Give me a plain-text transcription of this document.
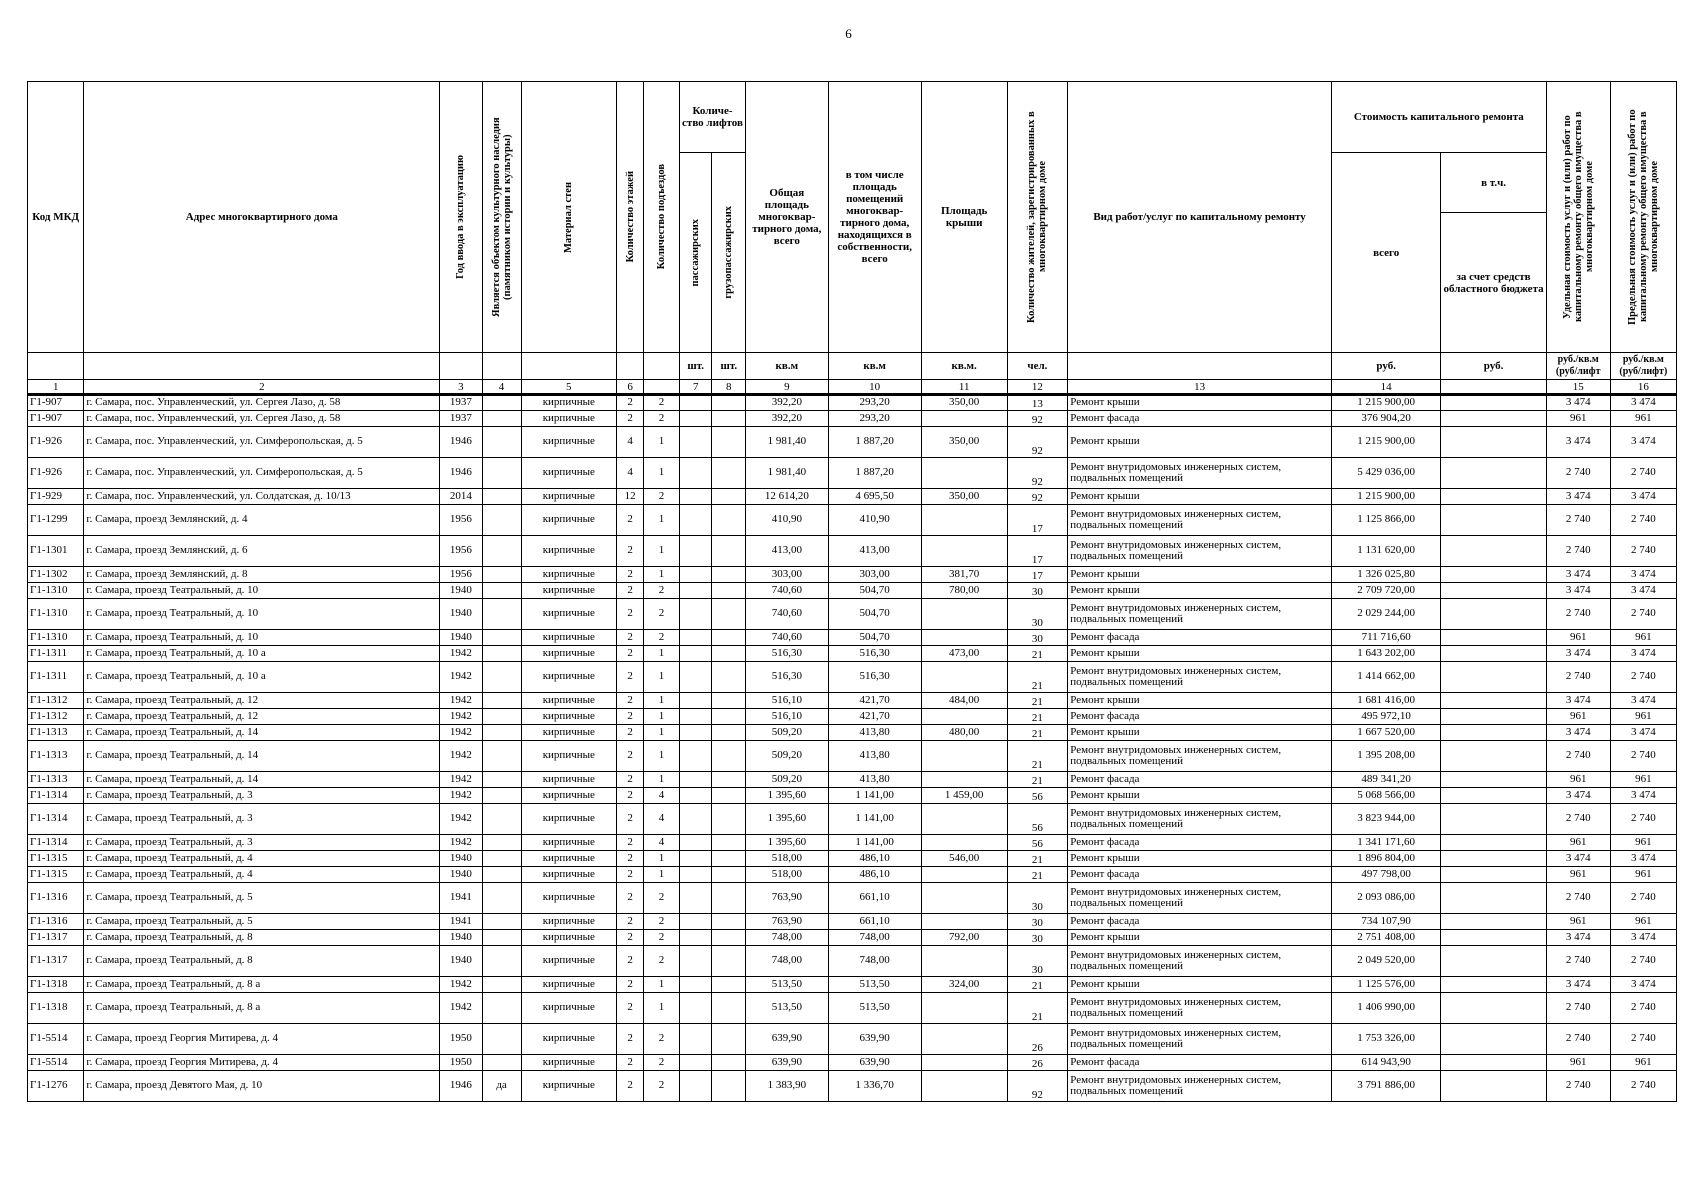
6
Код МКД	Адрес многоквартирного дома	Год ввода в эксплуатацию	Является объектом культурного наследия (памятником истории и культуры)	Материал стен	Количество этажей	Количество подъездов	Количе- ство лифтов		Общая площадь многоквар- тирного дома, всего	в том числе площадь помещений многоквар- тирного дома, находящихся в собственности, всего	Площадь крыши	Количество жителей, зарегистрированных в многоквартирном доме	Вид работ/услуг по капитальному ремонту	Стоимость капитального ремонта		Удельная стоимость услуг и (или) работ по капитальному ремонту общего имущества в многоквартирном доме	Предельная стоимость услуг и (или) работ по капитальному ремонту общего имущества в многоквартирном доме

							пассажирских	грузопассажирских						всего	в т.ч.		
															за счет средств областного бюджета		
							шт.	шт.	кв.м	кв.м	кв.м.	чел.		руб.	руб.	руб./кв.м (руб/лифт	руб./кв.м (руб/лифт)
1	2	3	4	5	6		7	8	9	10	11	12	13	14		15	16
Г1-907	г. Самара, пос. Управленческий, ул. Сергея Лазо, д. 58	1937		кирпичные	2	2			392,20	293,20	350,00	13	Ремонт крыши	1 215 900,00		3 474	3 474
Г1-907	г. Самара, пос. Управленческий, ул. Сергея Лазо, д. 58	1937		кирпичные	2	2			392,20	293,20		92	Ремонт фасада	376 904,20		961	961
Г1-926	г. Самара, пос. Управленческий, ул. Симферопольская, д. 5	1946		кирпичные	4	1			1 981,40	1 887,20	350,00	92	Ремонт крыши	1 215 900,00		3 474	3 474
Г1-926	г. Самара, пос. Управленческий, ул. Симферопольская, д. 5	1946		кирпичные	4	1			1 981,40	1 887,20		92	Ремонт внутридомовых инженерных систем, подвальных помещений	5 429 036,00		2 740	2 740
Г1-929	г. Самара, пос. Управленческий, ул. Солдатская, д. 10/13	2014		кирпичные	12	2			12 614,20	4 695,50	350,00	92	Ремонт крыши	1 215 900,00		3 474	3 474
Г1-1299	г. Самара, проезд Землянский, д. 4	1956		кирпичные	2	1			410,90	410,90		17	Ремонт внутридомовых инженерных систем, подвальных помещений	1 125 866,00		2 740	2 740
Г1-1301	г. Самара, проезд Землянский, д. 6	1956		кирпичные	2	1			413,00	413,00		17	Ремонт внутридомовых инженерных систем, подвальных помещений	1 131 620,00		2 740	2 740
Г1-1302	г. Самара, проезд Землянский, д. 8	1956		кирпичные	2	1			303,00	303,00	381,70	17	Ремонт крыши	1 326 025,80		3 474	3 474
Г1-1310	г. Самара, проезд Театральный, д. 10	1940		кирпичные	2	2			740,60	504,70	780,00	30	Ремонт крыши	2 709 720,00		3 474	3 474
Г1-1310	г. Самара, проезд Театральный, д. 10	1940		кирпичные	2	2			740,60	504,70		30	Ремонт внутридомовых инженерных систем, подвальных помещений	2 029 244,00		2 740	2 740
Г1-1310	г. Самара, проезд Театральный, д. 10	1940		кирпичные	2	2			740,60	504,70		30	Ремонт фасада	711 716,60		961	961
Г1-1311	г. Самара, проезд Театральный, д. 10 а	1942		кирпичные	2	1			516,30	516,30	473,00	21	Ремонт крыши	1 643 202,00		3 474	3 474
Г1-1311	г. Самара, проезд Театральный, д. 10 а	1942		кирпичные	2	1			516,30	516,30		21	Ремонт внутридомовых инженерных систем, подвальных помещений	1 414 662,00		2 740	2 740
Г1-1312	г. Самара, проезд Театральный, д. 12	1942		кирпичные	2	1			516,10	421,70	484,00	21	Ремонт крыши	1 681 416,00		3 474	3 474
Г1-1312	г. Самара, проезд Театральный, д. 12	1942		кирпичные	2	1			516,10	421,70		21	Ремонт фасада	495 972,10		961	961
Г1-1313	г. Самара, проезд Театральный, д. 14	1942		кирпичные	2	1			509,20	413,80	480,00	21	Ремонт крыши	1 667 520,00		3 474	3 474
Г1-1313	г. Самара, проезд Театральный, д. 14	1942		кирпичные	2	1			509,20	413,80		21	Ремонт внутридомовых инженерных систем, подвальных помещений	1 395 208,00		2 740	2 740
Г1-1313	г. Самара, проезд Театральный, д. 14	1942		кирпичные	2	1			509,20	413,80		21	Ремонт фасада	489 341,20		961	961
Г1-1314	г. Самара, проезд Театральный, д. 3	1942		кирпичные	2	4			1 395,60	1 141,00	1 459,00	56	Ремонт крыши	5 068 566,00		3 474	3 474
Г1-1314	г. Самара, проезд Театральный, д. 3	1942		кирпичные	2	4			1 395,60	1 141,00		56	Ремонт внутридомовых инженерных систем, подвальных помещений	3 823 944,00		2 740	2 740
Г1-1314	г. Самара, проезд Театральный, д. 3	1942		кирпичные	2	4			1 395,60	1 141,00		56	Ремонт фасада	1 341 171,60		961	961
Г1-1315	г. Самара, проезд Театральный, д. 4	1940		кирпичные	2	1			518,00	486,10	546,00	21	Ремонт крыши	1 896 804,00		3 474	3 474
Г1-1315	г. Самара, проезд Театральный, д. 4	1940		кирпичные	2	1			518,00	486,10		21	Ремонт фасада	497 798,00		961	961
Г1-1316	г. Самара, проезд Театральный, д. 5	1941		кирпичные	2	2			763,90	661,10		30	Ремонт внутридомовых инженерных систем, подвальных помещений	2 093 086,00		2 740	2 740
Г1-1316	г. Самара, проезд Театральный, д. 5	1941		кирпичные	2	2			763,90	661,10		30	Ремонт фасада	734 107,90		961	961
Г1-1317	г. Самара, проезд Театральный, д. 8	1940		кирпичные	2	2			748,00	748,00	792,00	30	Ремонт крыши	2 751 408,00		3 474	3 474
Г1-1317	г. Самара, проезд Театральный, д. 8	1940		кирпичные	2	2			748,00	748,00		30	Ремонт внутридомовых инженерных систем, подвальных помещений	2 049 520,00		2 740	2 740
Г1-1318	г. Самара, проезд Театральный, д. 8 а	1942		кирпичные	2	1			513,50	513,50	324,00	21	Ремонт крыши	1 125 576,00		3 474	3 474
Г1-1318	г. Самара, проезд Театральный, д. 8 а	1942		кирпичные	2	1			513,50	513,50		21	Ремонт внутридомовых инженерных систем, подвальных помещений	1 406 990,00		2 740	2 740
Г1-5514	г. Самара, проезд Георгия Митирева, д. 4	1950		кирпичные	2	2			639,90	639,90		26	Ремонт внутридомовых инженерных систем, подвальных помещений	1 753 326,00		2 740	2 740
Г1-5514	г. Самара, проезд Георгия Митирева, д. 4	1950		кирпичные	2	2			639,90	639,90		26	Ремонт фасада	614 943,90		961	961
Г1-1276	г. Самара, проезд Девятого Мая, д. 10	1946	да	кирпичные	2	2			1 383,90	1 336,70		92	Ремонт внутридомовых инженерных систем, подвальных помещений	3 791 886,00		2 740	2 740
